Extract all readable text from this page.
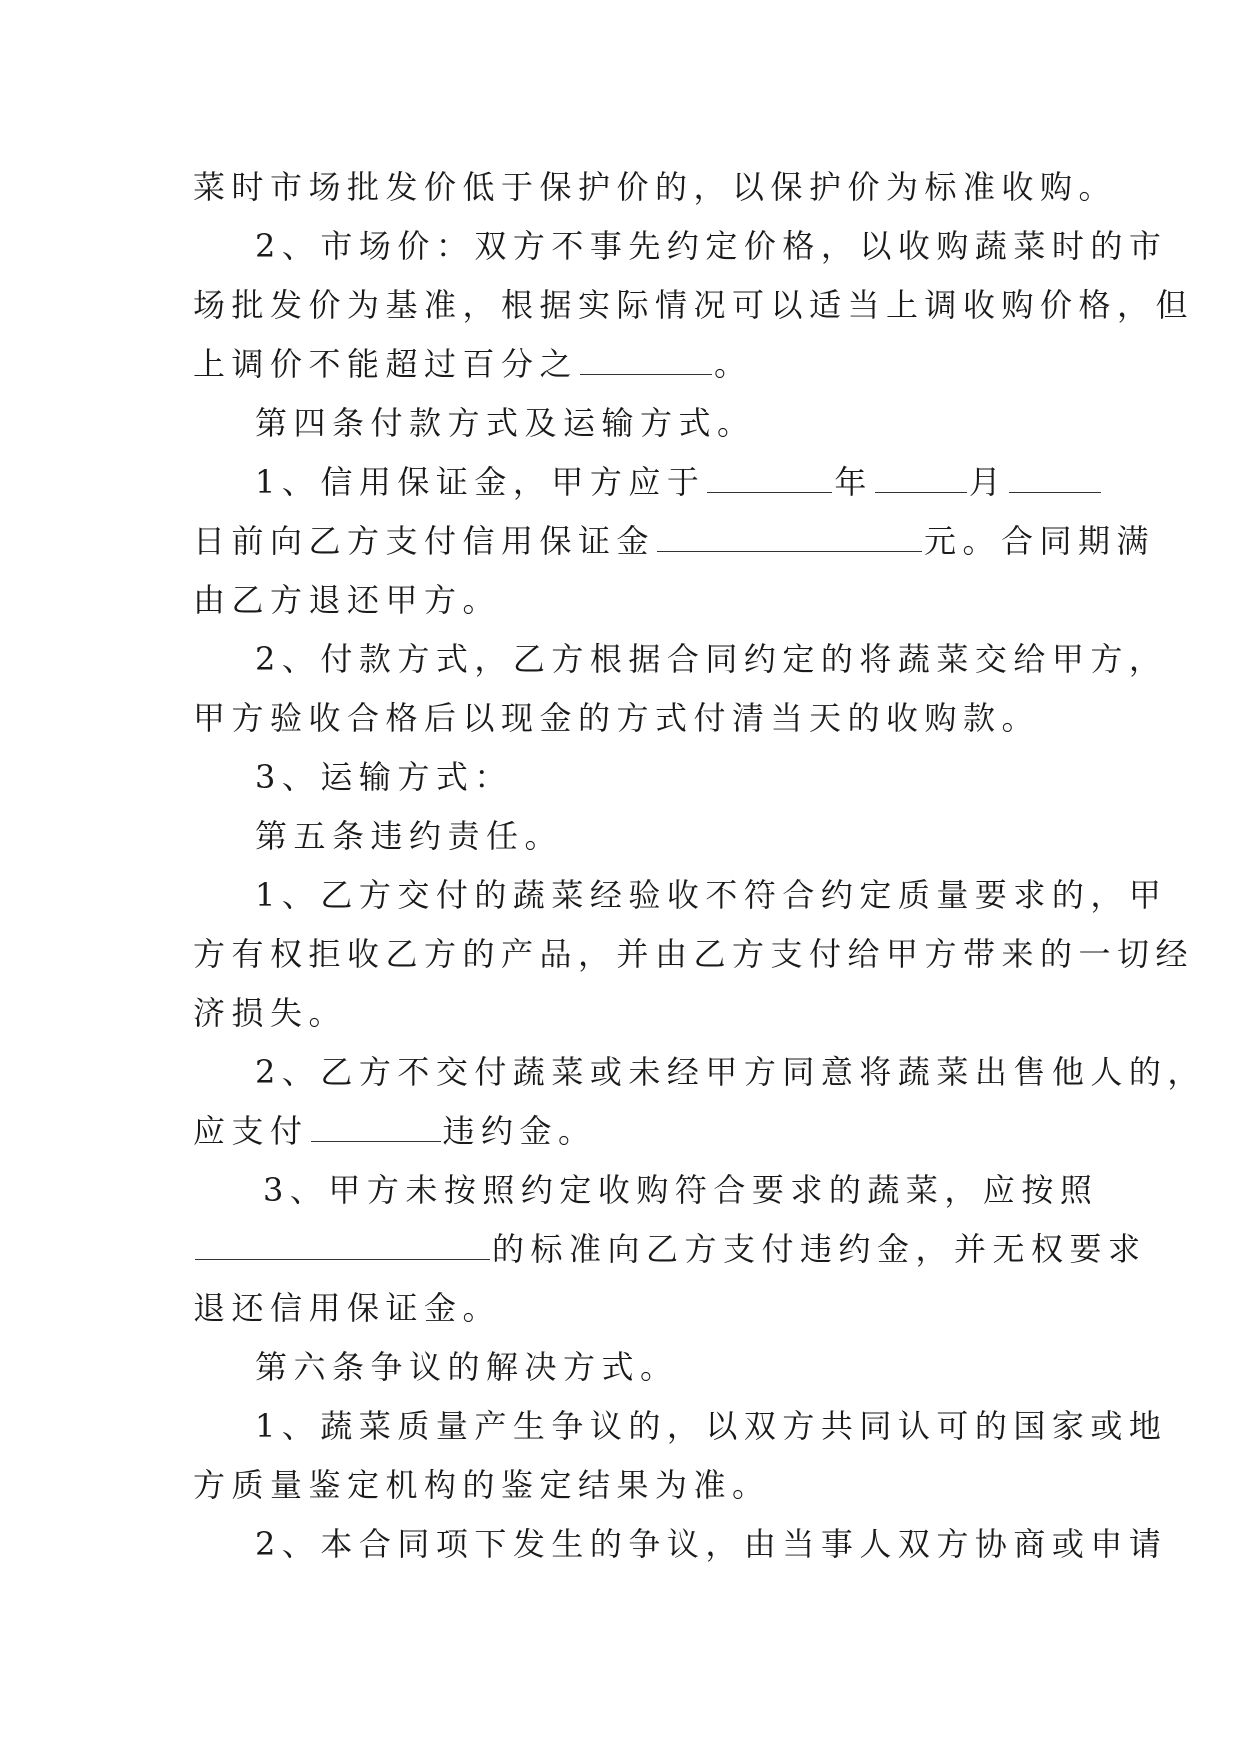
菜时市场批发价低于保护价的，以保护价为标准收购。
2、市场价：双方不事先约定价格，以收购蔬菜时的市
场批发价为基准，根据实际情况可以适当上调收购价格，但
上调价不能超过百分之	。
第四条付款方式及运输方式。
1、信用保证金，甲方应于	年	月
日前向乙方支付信用保证金	元。合同期满
由乙方退还甲方。
2、付款方式，乙方根据合同约定的将蔬菜交给甲方，
甲方验收合格后以现金的方式付清当天的收购款。
3、运输方式：
第五条违约责任。
1、乙方交付的蔬菜经验收不符合约定质量要求的，甲
方有权拒收乙方的产品，并由乙方支付给甲方带来的一切经
济损失。
2、乙方不交付蔬菜或未经甲方同意将蔬菜出售他人的，
应支付	违约金。
3、甲方未按照约定收购符合要求的蔬菜，应按照
的标准向乙方支付违约金，并无权要求
退还信用保证金。
第六条争议的解决方式。
1、蔬菜质量产生争议的，以双方共同认可的国家或地
方质量鉴定机构的鉴定结果为准。
2、本合同项下发生的争议，由当事人双方协商或申请
